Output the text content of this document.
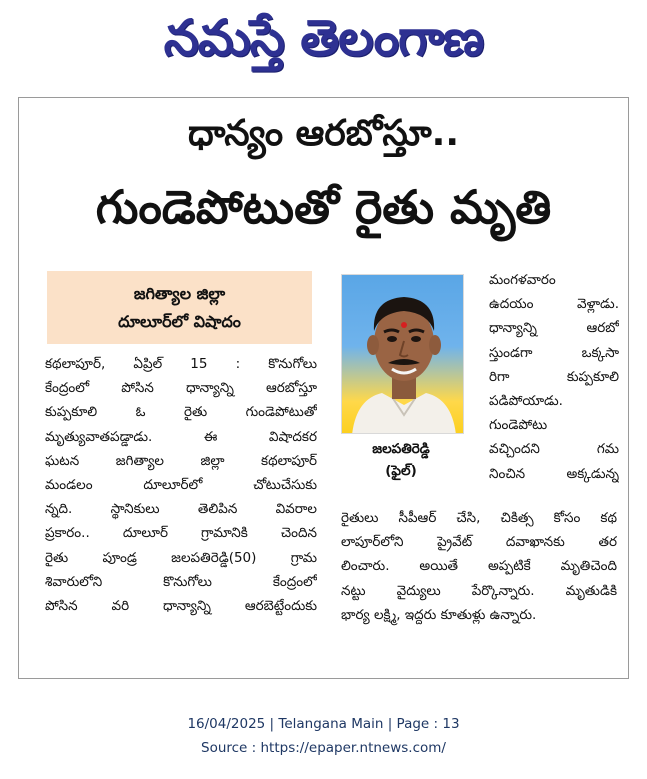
నమస్తే తెలంగాణ
ధాన్యం ఆరబోస్తూ..
గుండెపోటుతో రైతు మృతి
జగిత్యాల జిల్లా
దూలూర్‌లో విషాదం

కథలాపూర్‌, ఏప్రిల్‌ 15 : కొనుగోలు

కేంద్రంలో పోసిన ధాన్యాన్ని ఆరబోస్తూ

కుప్పకూలి ఓ రైతు గుండెపోటుతో

మృత్యువాతపడ్డాడు. ఈ విషాదకర

ఘటన జగిత్యాల జిల్లా కథలాపూర్‌

మండలం దూలూర్‌లో చోటుచేసుకు

న్నది. స్థానికులు తెలిపిన వివరాల

ప్రకారం.. దూలూర్‌ గ్రామానికి చెందిన

రైతు పూండ్ర జలపతిరెడ్డి(50) గ్రామ

శివారులోని కొనుగోలు కేంద్రంలో

పోసిన వరి ధాన్యాన్ని ఆరబెట్టేందుకు

జలపతిరెడ్డి
(ఫైల్‌)

మంగళవారం

ఉదయం వెళ్లాడు.

ధాన్యాన్ని ఆరబో

స్తుండగా ఒక్కసా

రిగా కుప్పకూలి

పడిపోయాడు.

గుండెపోటు

వచ్చిందని గమ

నించిన అక్కడున్న

రైతులు సీపీఆర్‌ చేసి, చికిత్స కోసం కథ

లాపూర్‌లోని ప్రైవేట్‌ దవాఖానకు తర

లించారు. అయితే అప్పటికే మృతిచెంది

నట్టు వైద్యులు పేర్కొన్నారు. మృతుడికి

భార్య లక్ష్మి, ఇద్దరు కూతుళ్లు ఉన్నారు.

16/04/2025 | Telangana Main | Page : 13
Source : https://epaper.ntnews.com/
